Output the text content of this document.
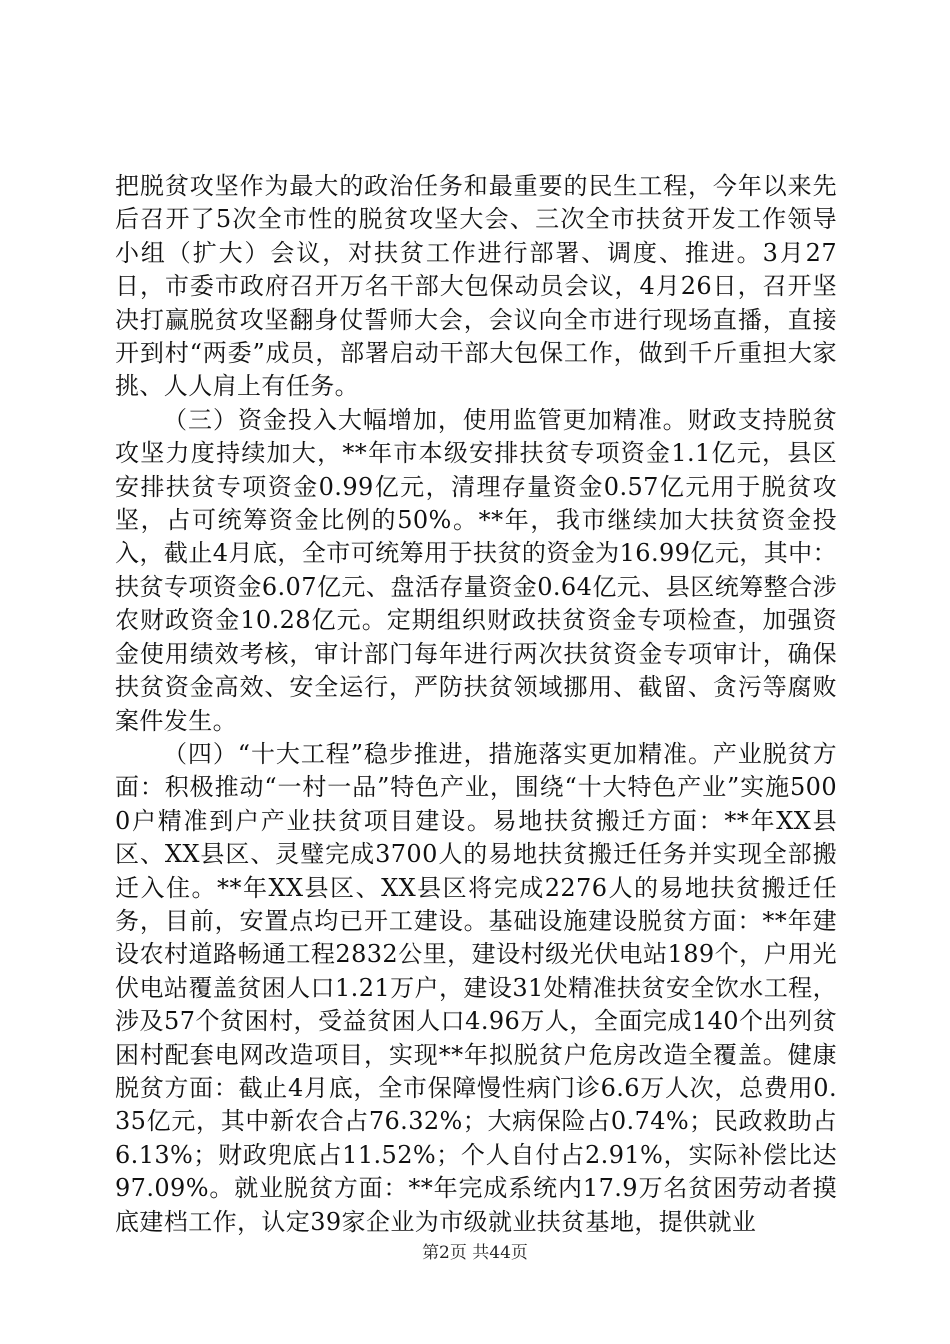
把脱贫攻坚作为最大的政治任务和最重要的民生工程，今年以来先后召开了5次全市性的脱贫攻坚大会、三次全市扶贫开发工作领导小组（扩大）会议，对扶贫工作进行部署、调度、推进。3月27日，市委市政府召开万名干部大包保动员会议，4月26日，召开坚决打赢脱贫攻坚翻身仗誓师大会，会议向全市进行现场直播，直接开到村“两委”成员，部署启动干部大包保工作，做到千斤重担大家挑、人人肩上有任务。

（三）资金投入大幅增加，使用监管更加精准。财政支持脱贫攻坚力度持续加大，**年市本级安排扶贫专项资金1.1亿元，县区安排扶贫专项资金0.99亿元，清理存量资金0.57亿元用于脱贫攻坚，占可统筹资金比例的50%。**年，我市继续加大扶贫资金投入，截止4月底，全市可统筹用于扶贫的资金为16.99亿元，其中：扶贫专项资金6.07亿元、盘活存量资金0.64亿元、县区统筹整合涉农财政资金10.28亿元。定期组织财政扶贫资金专项检查，加强资金使用绩效考核，审计部门每年进行两次扶贫资金专项审计，确保扶贫资金高效、安全运行，严防扶贫领域挪用、截留、贪污等腐败案件发生。

（四）“十大工程”稳步推进，措施落实更加精准。产业脱贫方面：积极推动“一村一品”特色产业，围绕“十大特色产业”实施5000户精准到户产业扶贫项目建设。易地扶贫搬迁方面：**年XX县区、XX县区、灵璧完成3700人的易地扶贫搬迁任务并实现全部搬迁入住。**年XX县区、XX县区将完成2276人的易地扶贫搬迁任务，目前，安置点均已开工建设。基础设施建设脱贫方面：**年建设农村道路畅通工程2832公里，建设村级光伏电站189个，户用光伏电站覆盖贫困人口1.21万户，建设31处精准扶贫安全饮水工程，涉及57个贫困村，受益贫困人口4.96万人，全面完成140个出列贫困村配套电网改造项目，实现**年拟脱贫户危房改造全覆盖。健康脱贫方面：截止4月底，全市保障慢性病门诊6.6万人次，总费用0.35亿元，其中新农合占76.32%；大病保险占0.74%；民政救助占6.13%；财政兜底占11.52%；个人自付占2.91%，实际补偿比达97.09%。就业脱贫方面：**年完成系统内17.9万名贫困劳动者摸底建档工作，认定39家企业为市级就业扶贫基地，提供就业

第2页 共44页
